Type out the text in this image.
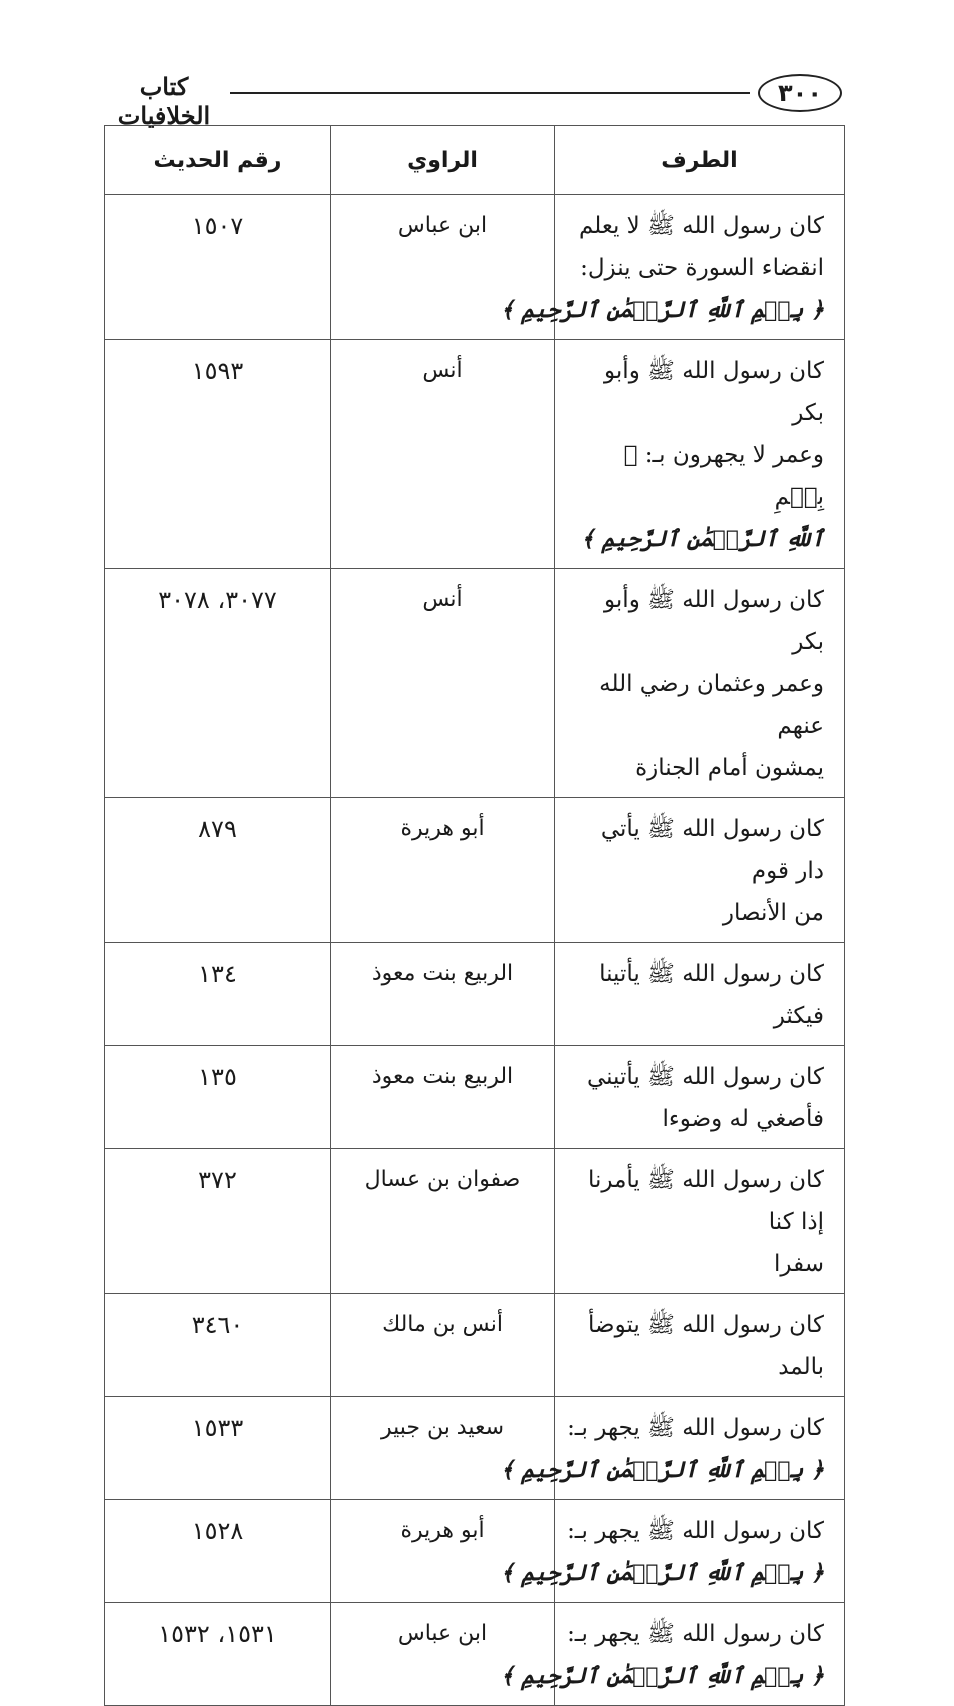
٣٠٠
كتاب الخلافيات
الطرف	الراوي	رقم الحديث

كان رسول الله ﷺ لا يعلم
انقضاء السورة حتى ينزل:
﴿ بِسۡمِ ٱللَّهِ ٱلرَّحۡمَٰنِ ٱلرَّحِيمِ ﴾	ابن عباس	١٥٠٧

كان رسول الله ﷺ وأبو بكر
وعمر لا يجهرون بـ: ﴿ بِسۡمِ
ٱللَّهِ ٱلرَّحۡمَٰنِ ٱلرَّحِيمِ ﴾	أنس	١٥٩٣

كان رسول الله ﷺ وأبو بكر
وعمر وعثمان رضي الله عنهم
يمشون أمام الجنازة	أنس	٣٠٧٧، ٣٠٧٨

كان رسول الله ﷺ يأتي دار قوم
من الأنصار	أبو هريرة	٨٧٩

كان رسول الله ﷺ يأتينا فيكثر	الربيع بنت معوذ	١٣٤

كان رسول الله ﷺ يأتيني
فأصغي له وضوءا	الربيع بنت معوذ	١٣٥

كان رسول الله ﷺ يأمرنا إذا كنا
سفرا	صفوان بن عسال	٣٧٢

كان رسول الله ﷺ يتوضأ بالمد	أنس بن مالك	٣٤٦٠

كان رسول الله ﷺ يجهر بـ:
﴿ بِسۡمِ ٱللَّهِ ٱلرَّحۡمَٰنِ ٱلرَّحِيمِ ﴾	سعيد بن جبير	١٥٣٣

كان رسول الله ﷺ يجهر بـ:
﴿ بِسۡمِ ٱللَّهِ ٱلرَّحۡمَٰنِ ٱلرَّحِيمِ ﴾	أبو هريرة	١٥٢٨

كان رسول الله ﷺ يجهر بـ:
﴿ بِسۡمِ ٱللَّهِ ٱلرَّحۡمَٰنِ ٱلرَّحِيمِ ﴾	ابن عباس	١٥٣١، ١٥٣٢
